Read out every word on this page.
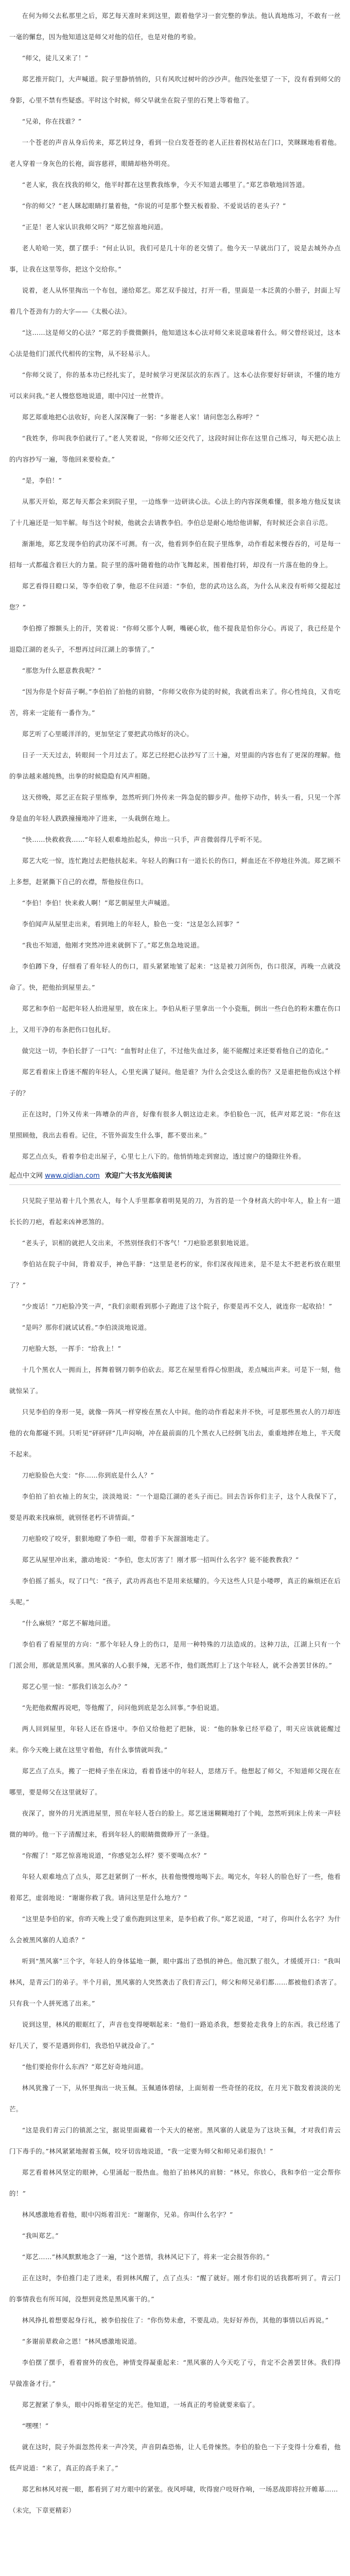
在何为师父去私那里之后，郑艺每天准时来到这里，跟着他学习一套完整的拳法。他认真地练习，不敢有一丝一毫的懈怠，因为他知道这是师父对他的信任，也是对他的考验。

“师父，徒儿又来了！”

郑艺推开院门，大声喊道。院子里静悄悄的，只有风吹过树叶的沙沙声。他四处张望了一下，没有看到师父的身影，心里不禁有些疑惑。平时这个时候，师父早就坐在院子里的石凳上等着他了。

“兄弟，你在找谁？”

一个苍老的声音从身后传来，郑艺转过身，看到一位白发苍苍的老人正拄着拐杖站在门口，笑眯眯地看着他。老人穿着一身灰色的长袍，面容慈祥，眼睛却格外明亮。

“老人家，我在找我的师父，他平时都在这里教我练拳，今天不知道去哪里了。”郑艺恭敬地回答道。

“你的师父？”老人眯起眼睛打量着他，“你说的可是那个整天板着脸、不爱说话的老头子？”

“正是！老人家认识我师父吗？”郑艺惊喜地问道。

老人哈哈一笑，摆了摆手：“何止认识，我们可是几十年的老交情了。他今天一早就出门了，说是去城外办点事，让我在这里等你，把这个交给你。”

说着，老人从怀里掏出一个布包，递给郑艺。郑艺双手接过，打开一看，里面是一本泛黄的小册子，封面上写着几个苍劲有力的大字——《太极心法》。

“这……这是师父的心法？”郑艺的手微微颤抖，他知道这本心法对师父来说意味着什么。师父曾经说过，这本心法是他们门派代代相传的宝物，从不轻易示人。

“你师父说了，你的基本功已经扎实了，是时候学习更深层次的东西了。这本心法你要好好研读，不懂的地方可以来问我。”老人慢悠悠地说道，眼中闪过一丝赞许。

郑艺郑重地把心法收好，向老人深深鞠了一躬：“多谢老人家！请问您怎么称呼？”

“我姓李，你叫我李伯就行了。”老人笑着说，“你师父还交代了，这段时间让你在这里自己练习，每天把心法上的内容抄写一遍，等他回来要检查。”

“是，李伯！”

从那天开始，郑艺每天都会来到院子里，一边练拳一边研读心法。心法上的内容深奥难懂，很多地方他反复读了十几遍还是一知半解。每当这个时候，他就会去请教李伯。李伯总是耐心地给他讲解，有时候还会亲自示范。

渐渐地，郑艺发现李伯的武功深不可测。有一次，他看到李伯在院子里练拳，动作看起来慢吞吞的，可是每一招每一式都蕴含着巨大的力量。院子里的落叶随着他的动作飞舞起来，围着他打转，却没有一片落在他的身上。

郑艺看得目瞪口呆，等李伯收了拳，他忍不住问道：“李伯，您的武功这么高，为什么从来没有听师父提起过您？”

李伯擦了擦额头上的汗，笑着说：“你师父那个人啊，嘴硬心软，他不提我是怕你分心。再说了，我已经是个退隐江湖的老头子，不想再过问江湖上的事情了。”

“那您为什么愿意教我呢？”

“因为你是个好苗子啊。”李伯拍了拍他的肩膀，“你师父收你为徒的时候，我就看出来了。你心性纯良，又肯吃苦，将来一定能有一番作为。”

郑艺听了心里暖洋洋的，更加坚定了要把武功练好的决心。

日子一天天过去，转眼间一个月过去了。郑艺已经把心法抄写了三十遍，对里面的内容也有了更深的理解。他的拳法越来越纯熟，出拳的时候隐隐有风声相随。

这天傍晚，郑艺正在院子里练拳，忽然听到门外传来一阵急促的脚步声。他停下动作，转头一看，只见一个浑身是血的年轻人跌跌撞撞地冲了进来，一头栽倒在地上。

“快……快救救我……”年轻人艰难地抬起头，伸出一只手，声音微弱得几乎听不见。

郑艺大吃一惊，连忙跑过去把他扶起来。年轻人的胸口有一道长长的伤口，鲜血还在不停地往外流。郑艺顾不上多想，赶紧撕下自己的衣襟，帮他按住伤口。

“李伯！李伯！快来救人啊！”郑艺朝屋里大声喊道。

李伯闻声从屋里走出来，看到地上的年轻人，脸色一变：“这是怎么回事？”

“我也不知道，他刚才突然冲进来就倒下了。”郑艺焦急地说道。

李伯蹲下身，仔细看了看年轻人的伤口，眉头紧紧地皱了起来：“这是被刀剑所伤，伤口很深，再晚一点就没命了。快，把他抬到屋里去。”

郑艺和李伯一起把年轻人抬进屋里，放在床上。李伯从柜子里拿出一个小瓷瓶，倒出一些白色的粉末撒在伤口上，又用干净的布条把伤口包扎好。

做完这一切，李伯长舒了一口气：“血暂时止住了，不过他失血过多，能不能醒过来还要看他自己的造化。”

郑艺看着床上昏迷不醒的年轻人，心里充满了疑问。他是谁？为什么会受这么重的伤？又是谁把他伤成这个样子的？

正在这时，门外又传来一阵嘈杂的声音，好像有很多人朝这边走来。李伯脸色一沉，低声对郑艺说：“你在这里照顾他，我出去看看。记住，不管外面发生什么事，都不要出来。”

郑艺点点头，看着李伯走出屋子，心里七上八下的。他悄悄地走到窗边，透过窗户的缝隙往外看。

起点中文网 www.qidian.com 欢迎广大书友光临阅读

只见院子里站着十几个黑衣人，每个人手里都拿着明晃晃的刀，为首的是一个身材高大的中年人，脸上有一道长长的刀疤，看起来凶神恶煞的。

“老头子，识相的就把人交出来，不然别怪我们不客气！”刀疤脸恶狠狠地说道。

李伯站在院子中间，背着双手，神色平静：“这里是老朽的家，你们深夜闯进来，是不是太不把老朽放在眼里了？”

“少废话！”刀疤脸冷笑一声，“我们亲眼看到那小子跑进了这个院子，你要是再不交人，就连你一起收拾！”

“是吗？那你们就试试看。”李伯淡淡地说道。

刀疤脸大怒，一挥手：“给我上！”

十几个黑衣人一拥而上，挥舞着钢刀朝李伯砍去。郑艺在屋里看得心惊胆战，差点喊出声来。可是下一刻，他就惊呆了。

只见李伯的身形一晃，就像一阵风一样穿梭在黑衣人中间。他的动作看起来并不快，可是那些黑衣人的刀却连他的衣角都碰不到。只听见“砰砰砰”几声闷响，冲在最前面的几个黑衣人已经倒飞出去，重重地摔在地上，半天爬不起来。

刀疤脸脸色大变：“你……你到底是什么人？”

李伯拍了拍衣袖上的灰尘，淡淡地说：“一个退隐江湖的老头子而已。回去告诉你们主子，这个人我保下了，要是再敢来找麻烦，就别怪老朽不讲情面。”

刀疤脸咬了咬牙，狠狠地瞪了李伯一眼，带着手下灰溜溜地走了。

郑艺从屋里冲出来，激动地说：“李伯，您太厉害了！刚才那一招叫什么名字？能不能教教我？”

李伯摇了摇头，叹了口气：“孩子，武功再高也不是用来炫耀的。今天这些人只是小喽啰，真正的麻烦还在后头呢。”

“什么麻烦？”郑艺不解地问道。

李伯看了看屋里的方向：“那个年轻人身上的伤口，是用一种特殊的刀法造成的。这种刀法，江湖上只有一个门派会用，那就是黑风寨。黑风寨的人心狠手辣，无恶不作，他们既然盯上了这个年轻人，就不会善罢甘休的。”

郑艺心里一惊：“那我们该怎么办？”

“先把他救醒再说吧，等他醒了，问问他到底是怎么回事。”李伯说道。

两人回到屋里，年轻人还在昏迷中。李伯又给他把了把脉，说：“他的脉象已经平稳了，明天应该就能醒过来。你今天晚上就在这里守着他，有什么事情就叫我。”

郑艺点了点头，搬了一把椅子坐在床边，看着昏迷中的年轻人，思绪万千。他想起了师父，不知道师父现在在哪里，要是师父在这里就好了。

夜深了，窗外的月光洒进屋里，照在年轻人苍白的脸上。郑艺迷迷糊糊地打了个盹，忽然听到床上传来一声轻微的呻吟。他一下子清醒过来，看到年轻人的眼睛微微睁开了一条缝。

“你醒了！”郑艺惊喜地说道，“你感觉怎么样？要不要喝点水？”

年轻人艰难地点了点头，郑艺赶紧倒了一杯水，扶着他慢慢地喝下去。喝完水，年轻人的脸色好了一些，他看着郑艺，虚弱地说：“谢谢你救了我。请问这里是什么地方？”

“这里是李伯的家，你昨天晚上受了重伤跑到这里来，是李伯救了你。”郑艺说道，“对了，你叫什么名字？为什么会被黑风寨的人追杀？”

听到“黑风寨”三个字，年轻人的身体猛地一颤，眼中露出了恐惧的神色。他沉默了很久，才缓缓开口：“我叫林风，是青云门的弟子。半个月前，黑风寨的人突然袭击了我们青云门，师父和师兄弟们都……都被他们杀害了。只有我一个人拼死逃了出来。”

说到这里，林风的眼眶红了，声音也变得哽咽起来：“他们一路追杀我，想要抢走我身上的东西。我已经逃了好几天了，要不是遇到你们，我恐怕早就没命了。”

“他们要抢你什么东西？”郑艺好奇地问道。

林风犹豫了一下，从怀里掏出一块玉佩。玉佩通体碧绿，上面刻着一些奇怪的花纹，在月光下散发着淡淡的光芒。

“这是我们青云门的镇派之宝，据说里面藏着一个天大的秘密。黑风寨的人就是为了这块玉佩，才对我们青云门下毒手的。”林风紧紧地握着玉佩，咬牙切齿地说道，“我一定要为师父和师兄弟们报仇！”

郑艺看着林风坚定的眼神，心里涌起一股热血。他拍了拍林风的肩膀：“林兄，你放心，我和李伯一定会帮你的！”

林风感激地看着他，眼中闪烁着泪光：“谢谢你，兄弟。你叫什么名字？”

“我叫郑艺。”

“郑艺……”林风默默地念了一遍，“这个恩情，我林风记下了，将来一定会报答你的。”

正在这时，李伯推门走了进来，看到林风醒了，点了点头：“醒了就好。刚才你们说的话我都听到了。青云门的事情我也有所耳闻，没想到竟然是黑风寨干的。”

林风挣扎着想要起身行礼，被李伯按住了：“你伤势未愈，不要乱动。先好好养伤，其他的事情以后再说。”

“多谢前辈救命之恩！”林风感激地说道。

李伯摆了摆手，看着窗外的夜色，神情变得凝重起来：“黑风寨的人今天吃了亏，肯定不会善罢甘休。我们得早做准备才行。”

郑艺握紧了拳头，眼中闪烁着坚定的光芒。他知道，一场真正的考验就要来临了。

“嘿嘿！”

就在这时，院子外面忽然传来一声冷笑，声音阴森恐怖，让人毛骨悚然。李伯的脸色一下子变得十分难看，他低声说道：“来了，真正的高手来了。”

郑艺和林风对视一眼，都看到了对方眼中的紧张。夜风呼啸，吹得窗户吱呀作响，一场恶战即将拉开帷幕……

（未完，下章更精彩）
